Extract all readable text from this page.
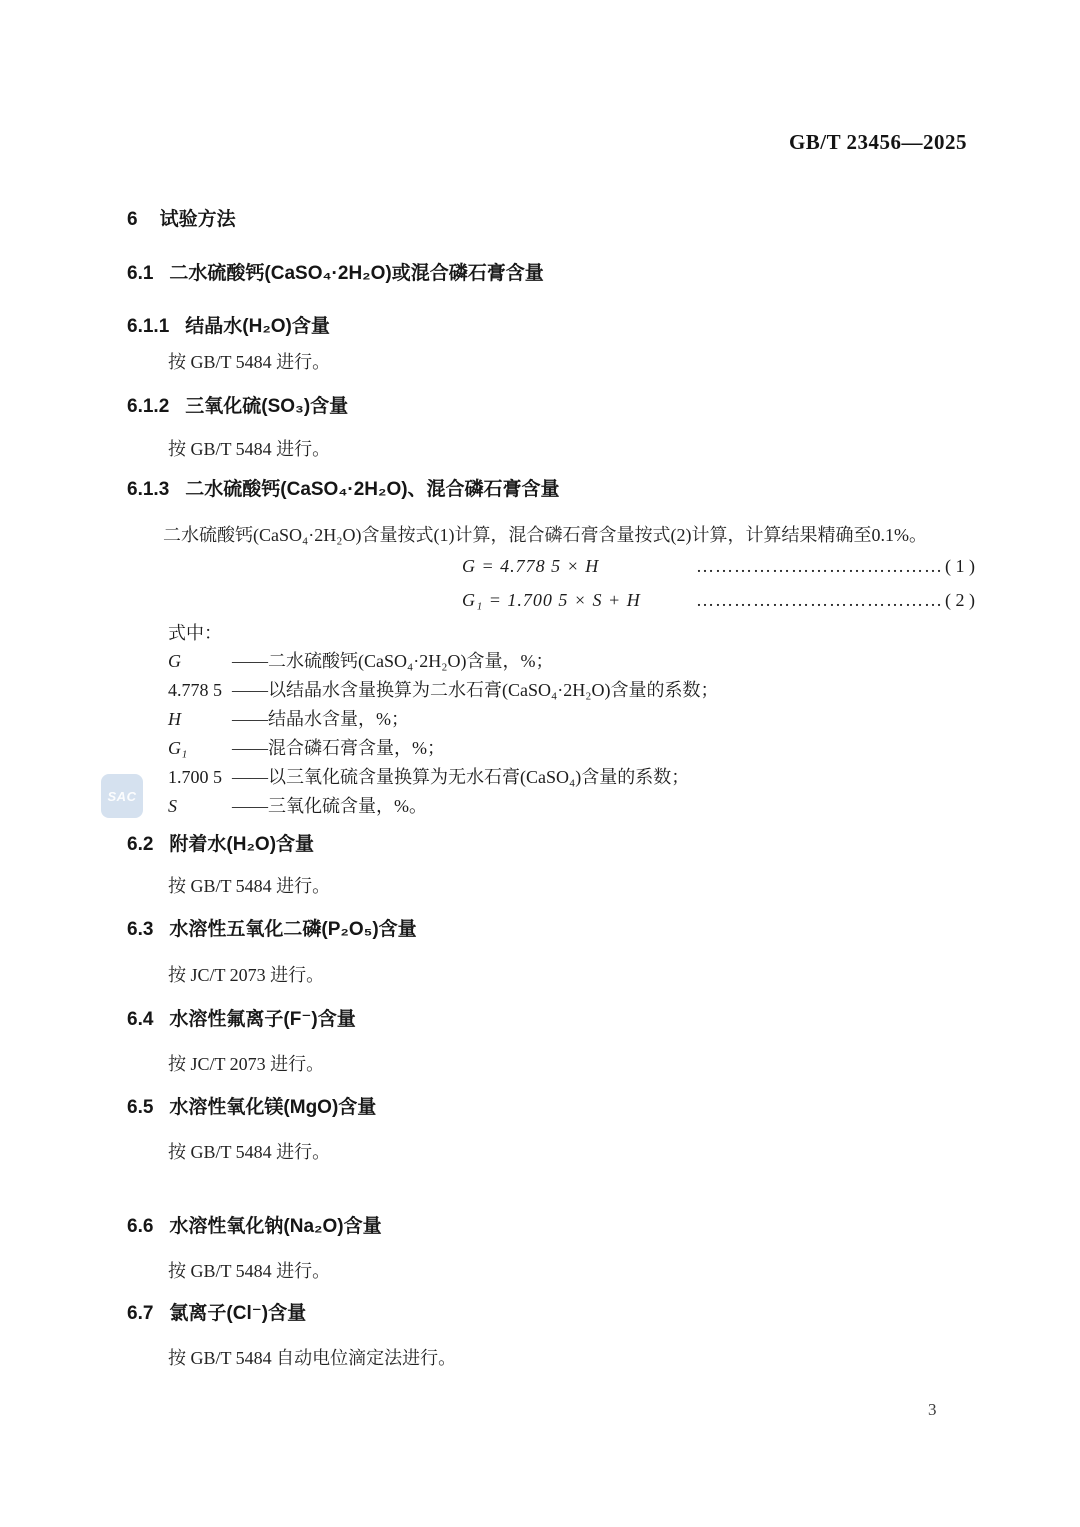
GB/T 23456—2025
SAC
6 试验方法
6.1 二水硫酸钙(CaSO₄·2H₂O)或混合磷石膏含量
6.1.1 结晶水(H₂O)含量
按 GB/T 5484 进行。
6.1.2 三氧化硫(SO₃)含量
按 GB/T 5484 进行。
6.1.3 二水硫酸钙(CaSO₄·2H₂O)、混合磷石膏含量
二水硫酸钙(CaSO₄·2H₂O)含量按式(1)计算，混合磷石膏含量按式(2)计算，计算结果精确至0.1%。
G = 4.778 5 × H	………………………………… ( 1 )
G₁ = 1.700 5 × S + H	………………………………… ( 2 )
式中：
G	——二水硫酸钙(CaSO₄·2H₂O)含量，%；
4.778 5 ——以结晶水含量换算为二水石膏(CaSO₄·2H₂O)含量的系数；
H	——结晶水含量，%；
G₁	——混合磷石膏含量，%；
1.700 5 ——以三氧化硫含量换算为无水石膏(CaSO₄)含量的系数；
S	——三氧化硫含量，%。
6.2 附着水(H₂O)含量
按 GB/T 5484 进行。
6.3 水溶性五氧化二磷(P₂O₅)含量
按 JC/T 2073 进行。
6.4 水溶性氟离子(F⁻)含量
按 JC/T 2073 进行。
6.5 水溶性氧化镁(MgO)含量
按 GB/T 5484 进行。
6.6 水溶性氧化钠(Na₂O)含量
按 GB/T 5484 进行。
6.7 氯离子(Cl⁻)含量
按 GB/T 5484 自动电位滴定法进行。
3
